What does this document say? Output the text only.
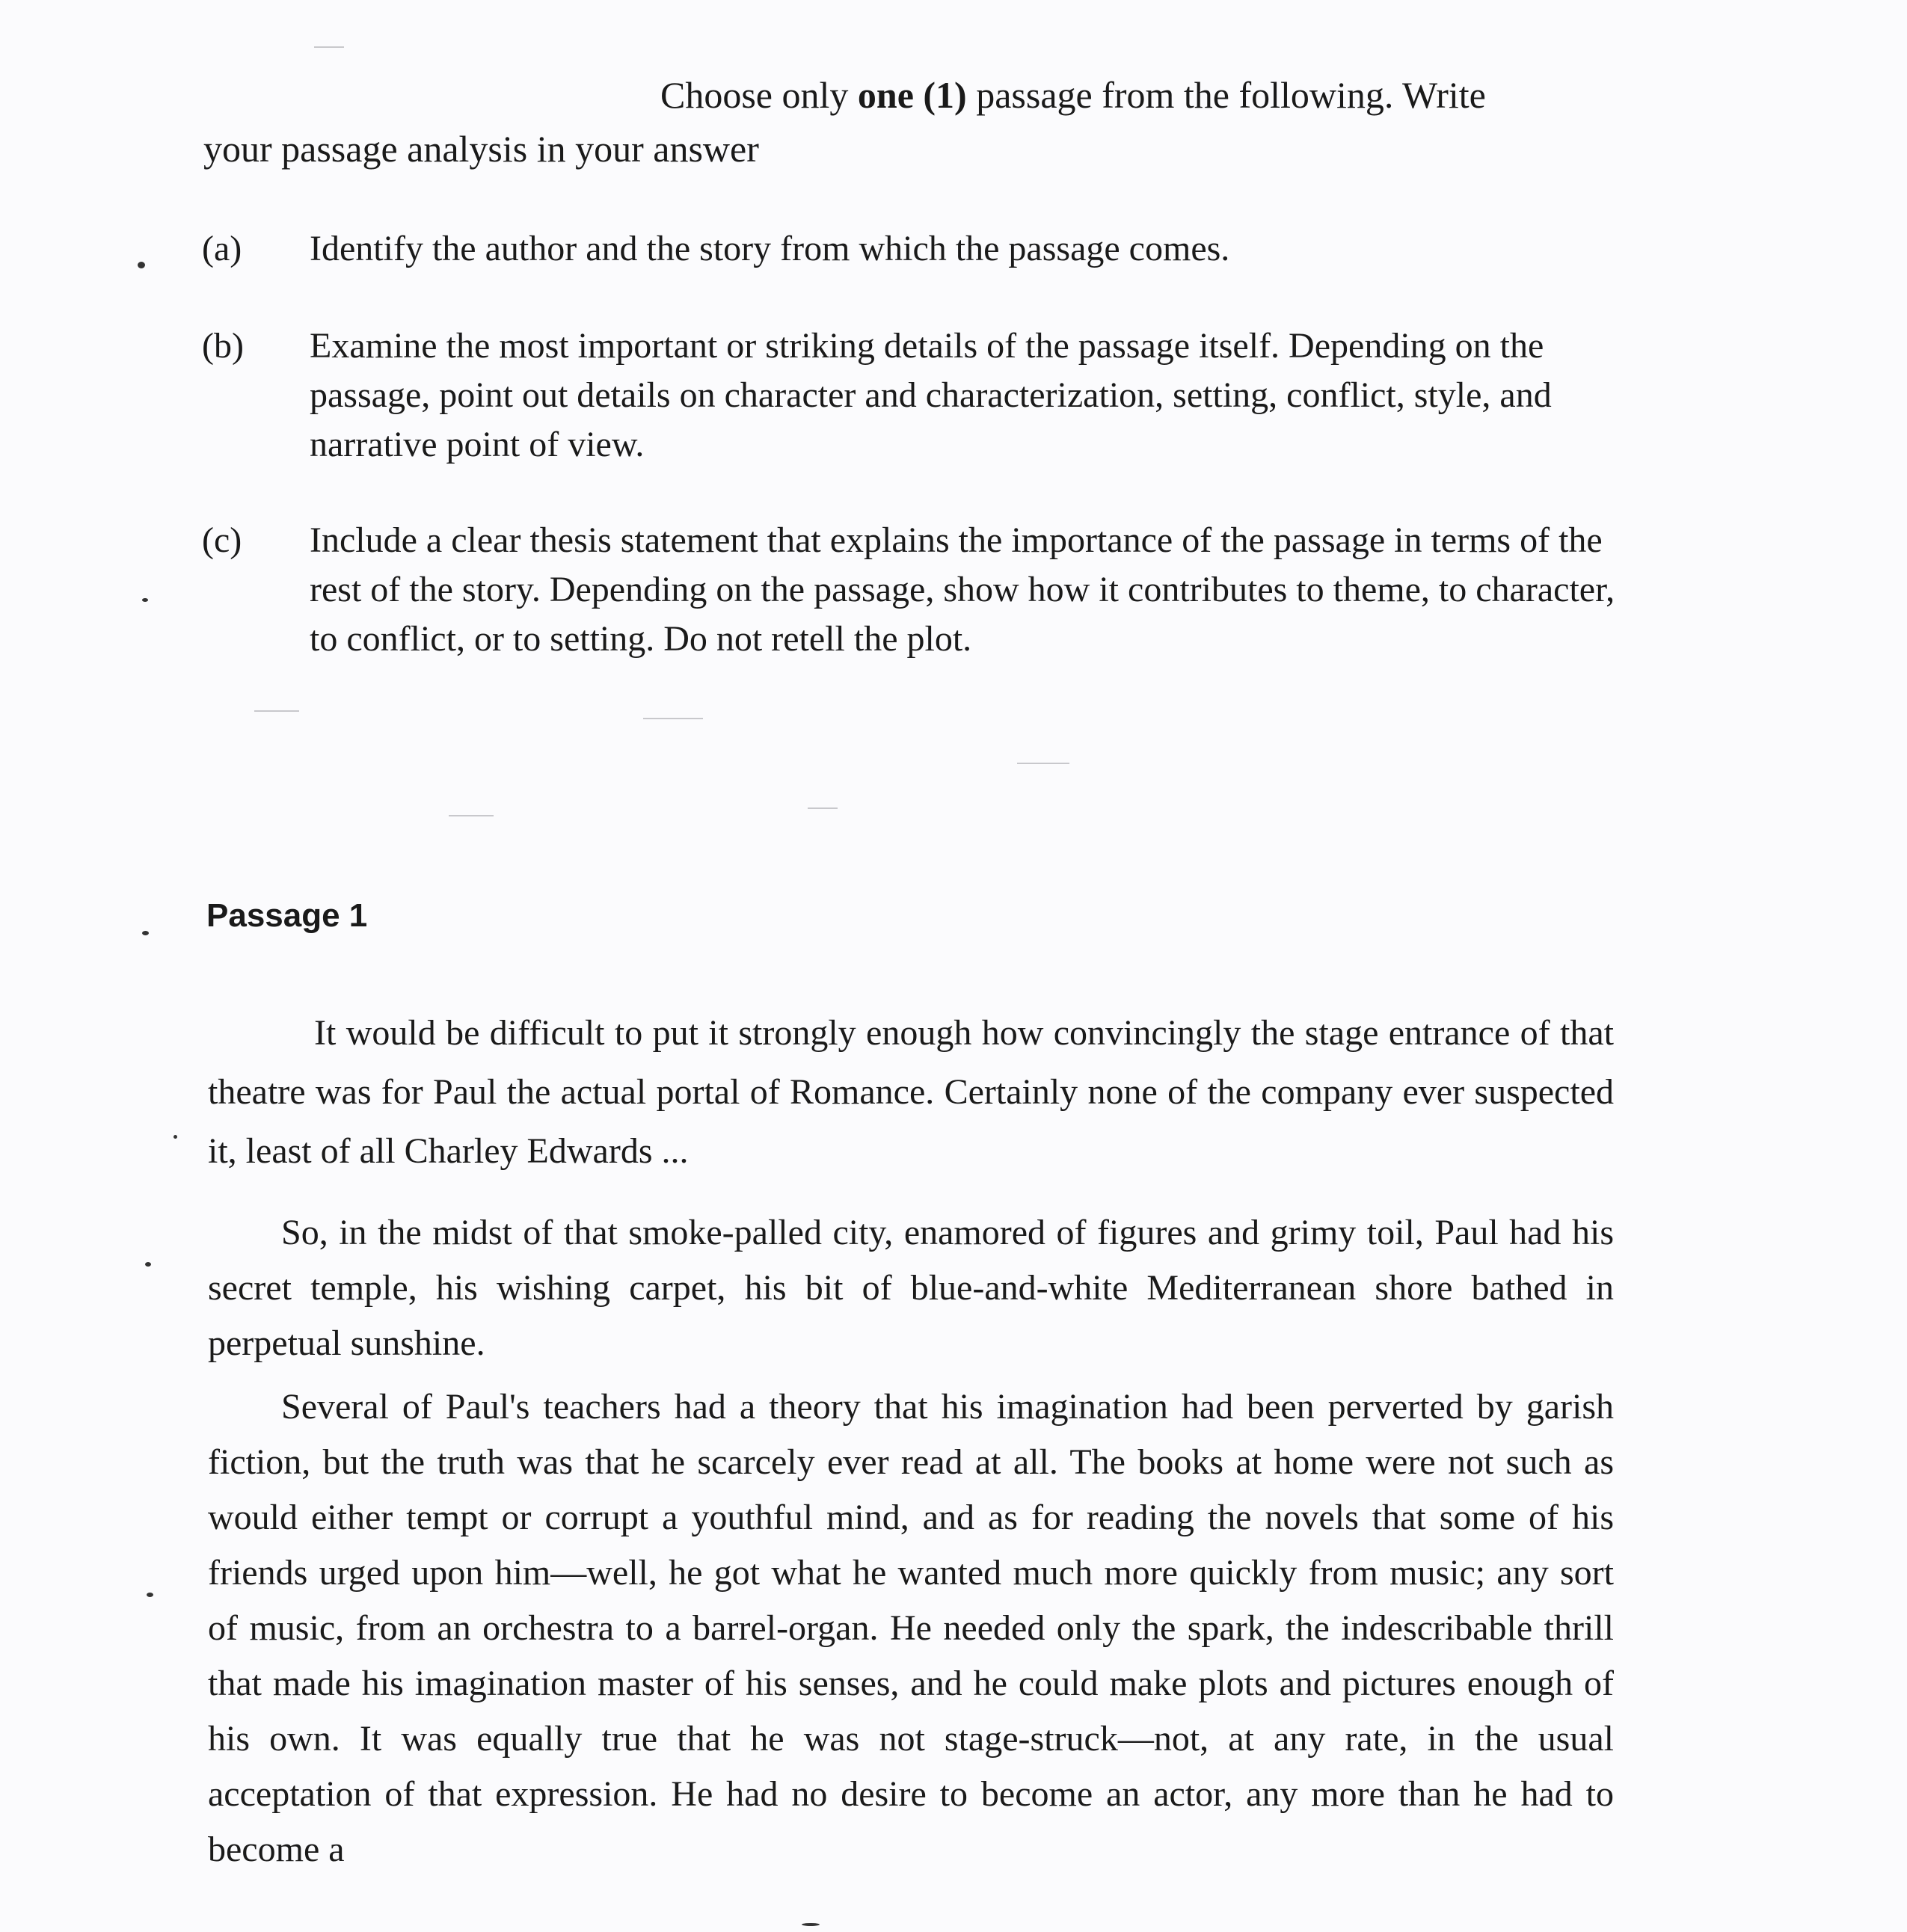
Choose only one (1) passage from the following. Write
your passage analysis in your answer
(a) Identify the author and the story from which the passage comes.
(b) Examine the most important or striking details of the passage itself. Depending on the passage, point out details on character and characterization, setting, conflict, style, and narrative point of view.
(c) Include a clear thesis statement that explains the importance of the passage in terms of the rest of the story. Depending on the passage, show how it contributes to theme, to character, to conflict, or to setting. Do not retell the plot.
Passage 1
It would be difficult to put it strongly enough how convincingly the stage entrance of that theatre was for Paul the actual portal of Romance. Certainly none of the company ever suspected it, least of all Charley Edwards ...
So, in the midst of that smoke-palled city, enamored of figures and grimy toil, Paul had his secret temple, his wishing carpet, his bit of blue-and-white Mediterranean shore bathed in perpetual sunshine.
Several of Paul's teachers had a theory that his imagination had been perverted by garish fiction, but the truth was that he scarcely ever read at all. The books at home were not such as would either tempt or corrupt a youthful mind, and as for reading the novels that some of his friends urged upon him—well, he got what he wanted much more quickly from music; any sort of music, from an orchestra to a barrel-organ. He needed only the spark, the indescribable thrill that made his imagination master of his senses, and he could make plots and pictures enough of his own. It was equally true that he was not stage-struck—not, at any rate, in the usual acceptation of that expression. He had no desire to become an actor, any more than he had to become a
